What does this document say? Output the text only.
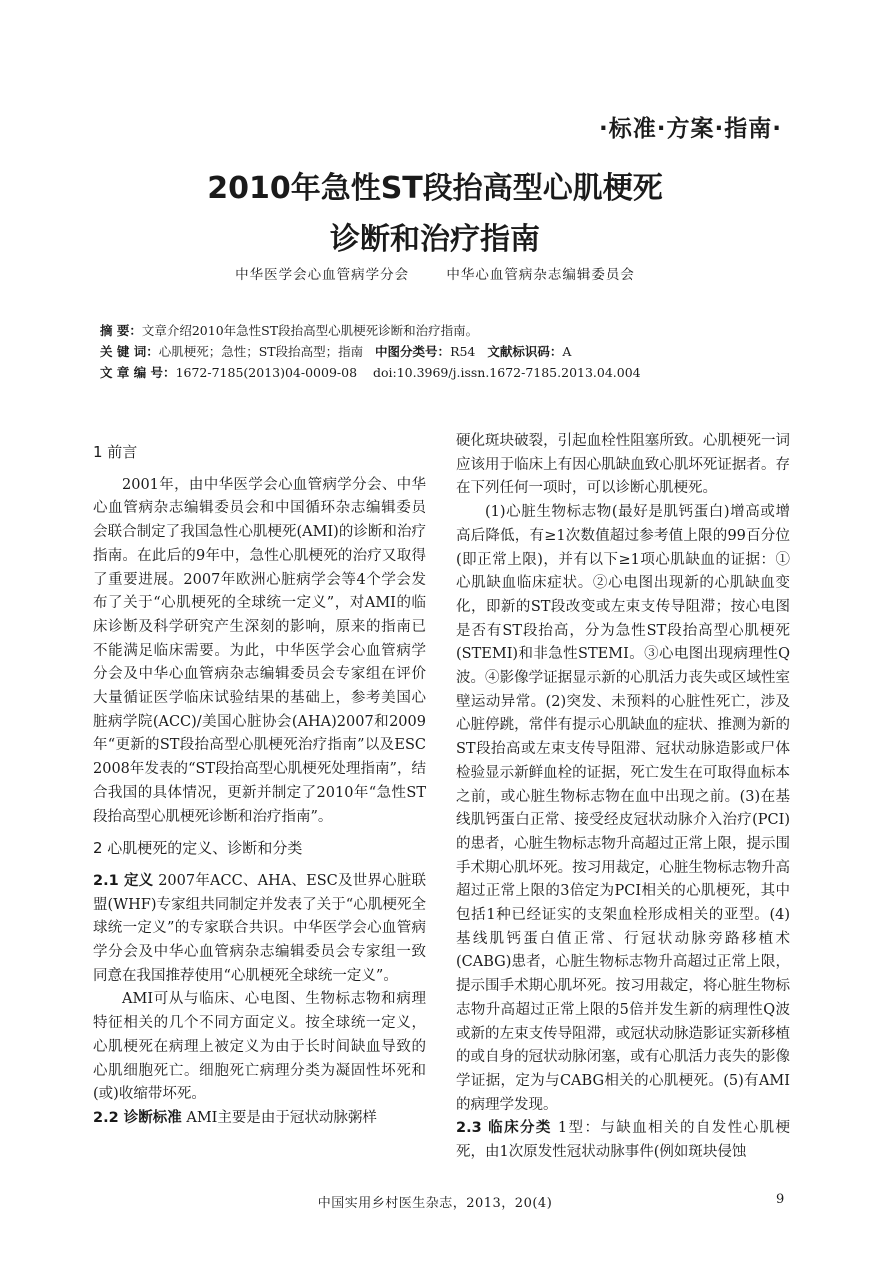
·标准·方案·指南·
2010年急性ST段抬高型心肌梗死
诊断和治疗指南
中华医学会心血管病学分会	中华心血管病杂志编辑委员会
摘 要：文章介绍2010年急性ST段抬高型心肌梗死诊断和治疗指南。
关 键 词：心肌梗死；急性；ST段抬高型；指南 中图分类号：R54 文献标识码：A
文 章 编 号：1672-7185(2013)04-0009-08 doi:10.3969/j.issn.1672-7185.2013.04.004

1 前言

2001年，由中华医学会心血管病学分会、中华心血管病杂志编辑委员会和中国循环杂志编辑委员会联合制定了我国急性心肌梗死(AMI)的诊断和治疗指南。在此后的9年中，急性心肌梗死的治疗又取得了重要进展。2007年欧洲心脏病学会等4个学会发布了关于“心肌梗死的全球统一定义”，对AMI的临床诊断及科学研究产生深刻的影响，原来的指南已不能满足临床需要。为此，中华医学会心血管病学分会及中华心血管病杂志编辑委员会专家组在评价大量循证医学临床试验结果的基础上，参考美国心脏病学院(ACC)/美国心脏协会(AHA)2007和2009年“更新的ST段抬高型心肌梗死治疗指南”以及ESC 2008年发表的“ST段抬高型心肌梗死处理指南”，结合我国的具体情况，更新并制定了2010年“急性ST段抬高型心肌梗死诊断和治疗指南”。

2 心肌梗死的定义、诊断和分类

2.1 定义 2007年ACC、AHA、ESC及世界心脏联盟(WHF)专家组共同制定并发表了关于“心肌梗死全球统一定义”的专家联合共识。中华医学会心血管病学分会及中华心血管病杂志编辑委员会专家组一致同意在我国推荐使用“心肌梗死全球统一定义”。

AMI可从与临床、心电图、生物标志物和病理特征相关的几个不同方面定义。按全球统一定义，心肌梗死在病理上被定义为由于长时间缺血导致的心肌细胞死亡。细胞死亡病理分类为凝固性坏死和(或)收缩带坏死。

2.2 诊断标准 AMI主要是由于冠状动脉粥样

硬化斑块破裂，引起血栓性阻塞所致。心肌梗死一词应该用于临床上有因心肌缺血致心肌坏死证据者。存在下列任何一项时，可以诊断心肌梗死。

(1)心脏生物标志物(最好是肌钙蛋白)增高或增高后降低，有≥1次数值超过参考值上限的99百分位(即正常上限)，并有以下≥1项心肌缺血的证据：①心肌缺血临床症状。②心电图出现新的心肌缺血变化，即新的ST段改变或左束支传导阻滞；按心电图是否有ST段抬高，分为急性ST段抬高型心肌梗死(STEMI)和非急性STEMI。③心电图出现病理性Q波。④影像学证据显示新的心肌活力丧失或区域性室壁运动异常。(2)突发、未预料的心脏性死亡，涉及心脏停跳，常伴有提示心肌缺血的症状、推测为新的ST段抬高或左束支传导阻滞、冠状动脉造影或尸体检验显示新鲜血栓的证据，死亡发生在可取得血标本之前，或心脏生物标志物在血中出现之前。(3)在基线肌钙蛋白正常、接受经皮冠状动脉介入治疗(PCI)的患者，心脏生物标志物升高超过正常上限，提示围手术期心肌坏死。按习用裁定，心脏生物标志物升高超过正常上限的3倍定为PCI相关的心肌梗死，其中包括1种已经证实的支架血栓形成相关的亚型。(4)基线肌钙蛋白值正常、行冠状动脉旁路移植术(CABG)患者，心脏生物标志物升高超过正常上限，提示围手术期心肌坏死。按习用裁定，将心脏生物标志物升高超过正常上限的5倍并发生新的病理性Q波或新的左束支传导阻滞，或冠状动脉造影证实新移植的或自身的冠状动脉闭塞，或有心肌活力丧失的影像学证据，定为与CABG相关的心肌梗死。(5)有AMI的病理学发现。

2.3 临床分类 1型：与缺血相关的自发性心肌梗死，由1次原发性冠状动脉事件(例如斑块侵蚀

中国实用乡村医生杂志，2013，20(4)	9
